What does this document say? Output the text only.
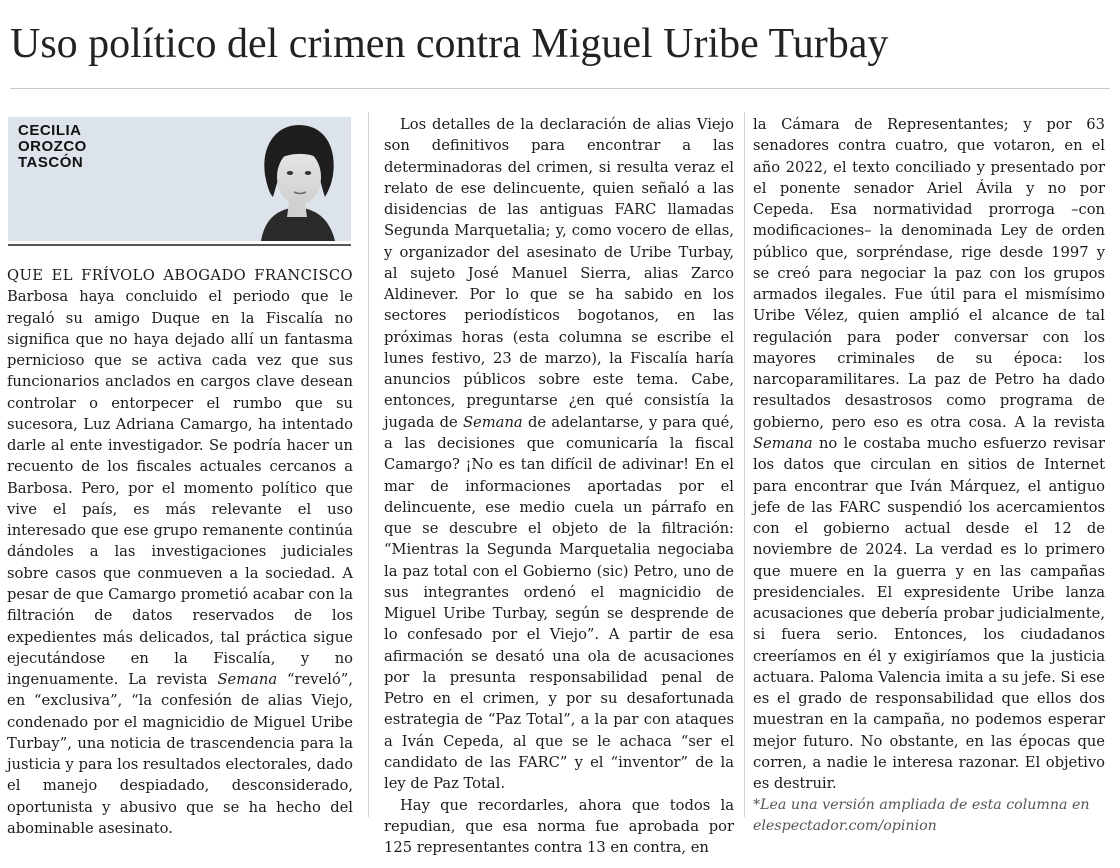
Uso político del crimen contra Miguel Uribe Turbay
CECILIA
OROZCO
TASCÓN

QUE EL FRÍVOLO ABOGADO FRANCISCO Barbosa haya concluido el periodo que le regaló su amigo Duque en la Fiscalía no significa que no haya dejado allí un fantasma pernicioso que se activa cada vez que sus funcionarios anclados en cargos clave desean controlar o entorpecer el rumbo que su sucesora, Luz Adriana Camargo, ha intentado darle al ente investigador. Se podría hacer un recuento de los fiscales actuales cercanos a Barbosa. Pero, por el momento político que vive el país, es más relevante el uso interesado que ese grupo remanente continúa dándoles a las investigaciones judiciales sobre casos que conmueven a la sociedad. A pesar de que Camargo prometió acabar con la filtración de datos reservados de los expedientes más delicados, tal práctica sigue ejecutándose en la Fiscalía, y no ingenuamente. La revista Semana “reveló”, en “exclusiva”, “la confesión de alias Viejo, condenado por el magnicidio de Miguel Uribe Turbay”, una noticia de trascendencia para la justicia y para los resultados electorales, dado el manejo despiadado, desconsiderado, oportunista y abusivo que se ha hecho del abominable asesinato.

Los detalles de la declaración de alias Viejo son definitivos para encontrar a las determinadoras del crimen, si resulta veraz el relato de ese delincuente, quien señaló a las disidencias de las antiguas FARC llamadas Segunda Marquetalia; y, como vocero de ellas, y organizador del asesinato de Uribe Turbay, al sujeto José Manuel Sierra, alias Zarco Aldinever. Por lo que se ha sabido en los sectores periodísticos bogotanos, en las próximas horas (esta columna se escribe el lunes festivo, 23 de marzo), la Fiscalía haría anuncios públicos sobre este tema. Cabe, entonces, preguntarse ¿en qué consistía la jugada de Semana de adelantarse, y para qué, a las decisiones que comunicaría la fiscal Camargo? ¡No es tan difícil de adivinar! En el mar de informaciones aportadas por el delincuente, ese medio cuela un párrafo en que se descubre el objeto de la filtración: “Mientras la Segunda Marquetalia negociaba la paz total con el Gobierno (sic) Petro, uno de sus integrantes ordenó el magnicidio de Miguel Uribe Turbay, según se desprende de lo confesado por el Viejo”. A partir de esa afirmación se desató una ola de acusaciones por la presunta responsabilidad penal de Petro en el crimen, y por su desafortunada estrategia de “Paz Total”, a la par con ataques a Iván Cepeda, al que se le achaca “ser el candidato de las FARC” y el “inventor” de la ley de Paz Total.

Hay que recordarles, ahora que todos la repudian, que esa norma fue aprobada por 125 representantes contra 13 en contra, en

la Cámara de Representantes; y por 63 senadores contra cuatro, que votaron, en el año 2022, el texto conciliado y presentado por el ponente senador Ariel Ávila y no por Cepeda. Esa normatividad prorroga –con modificaciones– la denominada Ley de orden público que, sorpréndase, rige desde 1997 y se creó para negociar la paz con los grupos armados ilegales. Fue útil para el mismísimo Uribe Vélez, quien amplió el alcance de tal regulación para poder conversar con los mayores criminales de su época: los narcoparamilitares. La paz de Petro ha dado resultados desastrosos como programa de gobierno, pero eso es otra cosa. A la revista Semana no le costaba mucho esfuerzo revisar los datos que circulan en sitios de Internet para encontrar que Iván Márquez, el antiguo jefe de las FARC suspendió los acercamientos con el gobierno actual desde el 12 de noviembre de 2024. La verdad es lo primero que muere en la guerra y en las campañas presidenciales. El expresidente Uribe lanza acusaciones que debería probar judicialmente, si fuera serio. Entonces, los ciudadanos creeríamos en él y exigiríamos que la justicia actuara. Paloma Valencia imita a su jefe. Si ese es el grado de responsabilidad que ellos dos muestran en la campaña, no podemos esperar mejor futuro. No obstante, en las épocas que corren, a nadie le interesa razonar. El objetivo es destruir.

*Lea una versión ampliada de esta columna en elespectador.com/opinion
